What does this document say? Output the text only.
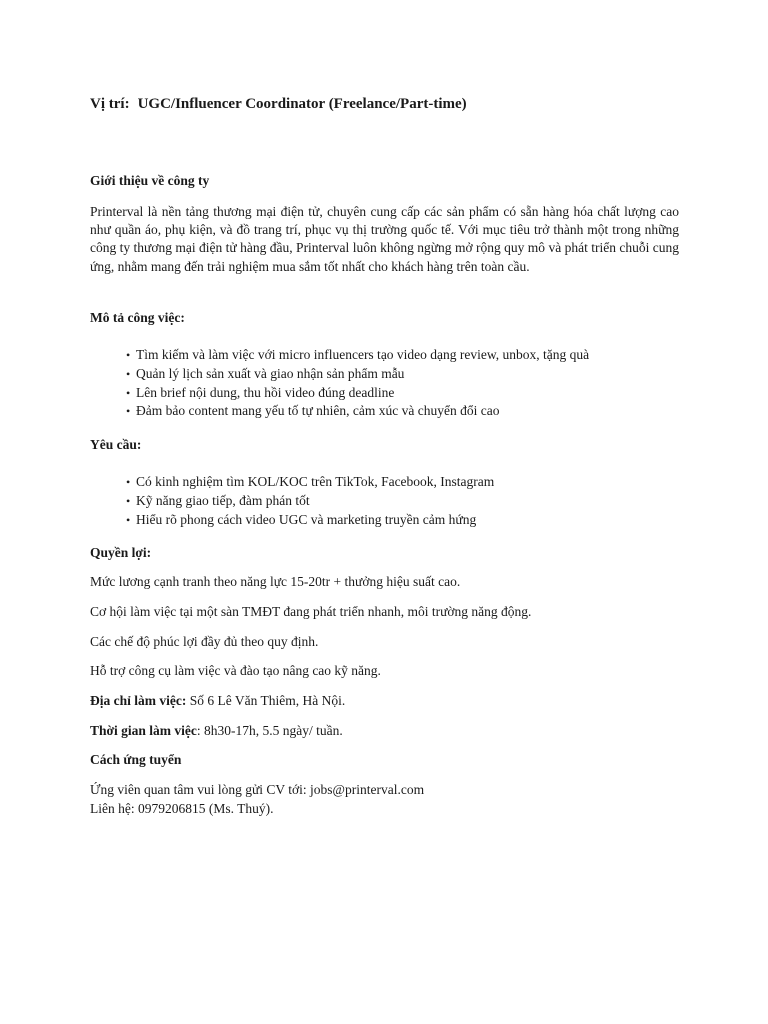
Vị trí: UGC/Influencer Coordinator (Freelance/Part-time)
Giới thiệu về công ty
Printerval là nền tảng thương mại điện tử, chuyên cung cấp các sản phẩm có sẵn hàng hóa chất lượng cao như quần áo, phụ kiện, và đồ trang trí, phục vụ thị trường quốc tế. Với mục tiêu trở thành một trong những công ty thương mại điện tử hàng đầu, Printerval luôn không ngừng mở rộng quy mô và phát triển chuỗi cung ứng, nhằm mang đến trải nghiệm mua sắm tốt nhất cho khách hàng trên toàn cầu.
Mô tả công việc:
• Tìm kiếm và làm việc với micro influencers tạo video dạng review, unbox, tặng quà
• Quản lý lịch sản xuất và giao nhận sản phẩm mẫu
• Lên brief nội dung, thu hồi video đúng deadline
• Đảm bảo content mang yếu tố tự nhiên, cảm xúc và chuyển đổi cao
Yêu cầu:
• Có kinh nghiệm tìm KOL/KOC trên TikTok, Facebook, Instagram
• Kỹ năng giao tiếp, đàm phán tốt
• Hiểu rõ phong cách video UGC và marketing truyền cảm hứng
Quyền lợi:
Mức lương cạnh tranh theo năng lực 15-20tr + thưởng hiệu suất cao.
Cơ hội làm việc tại một sàn TMĐT đang phát triển nhanh, môi trường năng động.
Các chế độ phúc lợi đầy đủ theo quy định.
Hỗ trợ công cụ làm việc và đào tạo nâng cao kỹ năng.
Địa chỉ làm việc: Số 6 Lê Văn Thiêm, Hà Nội.
Thời gian làm việc: 8h30-17h, 5.5 ngày/ tuần.
Cách ứng tuyển
Ứng viên quan tâm vui lòng gửi CV tới: jobs@printerval.com
Liên hệ: 0979206815 (Ms. Thuý).
